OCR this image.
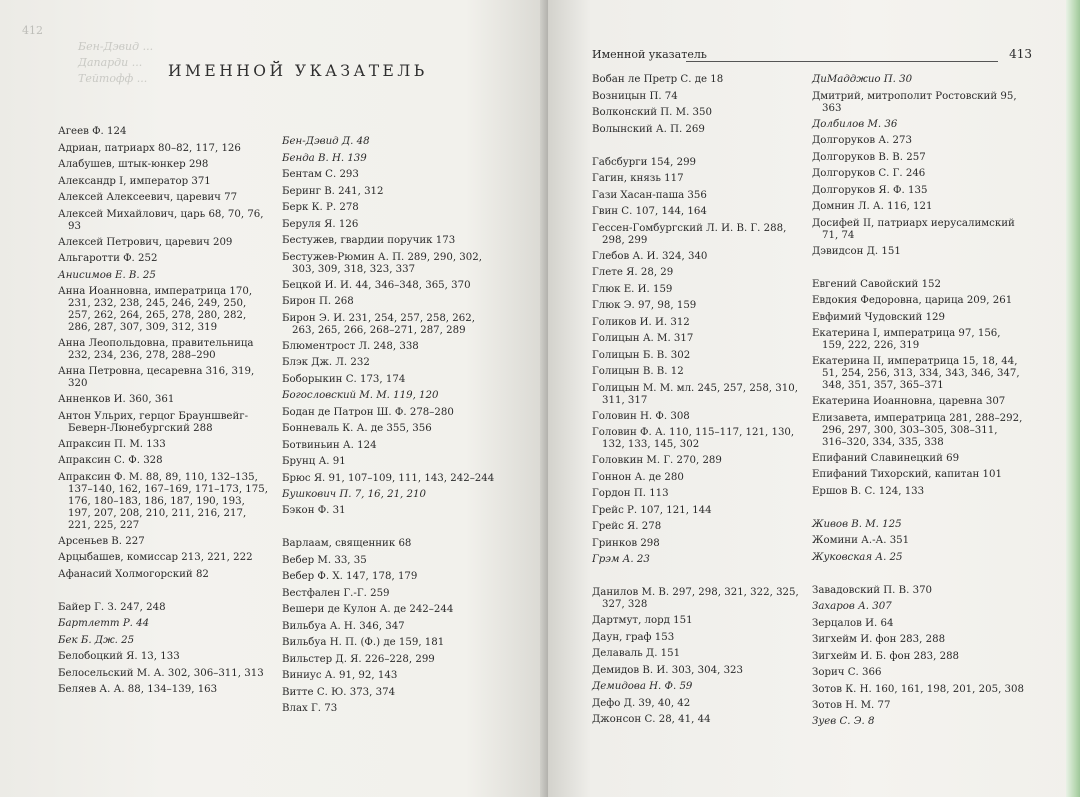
412
Бен-Дэвид ...
Дапарди ...
Тейтофф ... ИМЕННОЙ УКАЗАТЕЛЬ
Агеев Ф. 124
Адриан, патриарх 80–82, 117, 126
Алабушев, штык-юнкер 298
Александр I, император 371
Алексей Алексеевич, царевич 77
Алексей Михайлович, царь 68, 70, 76, 93
Алексей Петрович, царевич 209
Альгаротти Ф. 252
Анисимов Е. В. 25
Анна Иоанновна, императрица 170, 231, 232, 238, 245, 246, 249, 250, 257, 262, 264, 265, 278, 280, 282, 286, 287, 307, 309, 312, 319
Анна Леопольдовна, правительница 232, 234, 236, 278, 288–290
Анна Петровна, цесаревна 316, 319, 320
Анненков И. 360, 361
Антон Ульрих, герцог Брауншвейг-Беверн-Люнебургский 288
Апраксин П. М. 133
Апраксин С. Ф. 328
Апраксин Ф. М. 88, 89, 110, 132–135, 137–140, 162, 167–169, 171–173, 175, 176, 180–183, 186, 187, 190, 193, 197, 207, 208, 210, 211, 216, 217, 221, 225, 227
Арсеньев В. 227
Арцыбашев, комиссар 213, 221, 222
Афанасий Холмогорский 82
Байер Г. З. 247, 248
Бартлетт Р. 44
Бек Б. Дж. 25
Белобоцкий Я. 13, 133
Белосельский М. А. 302, 306–311, 313
Беляев А. А. 88, 134–139, 163
Бен-Дэвид Д. 48
Бенда В. Н. 139
Бентам С. 293
Беринг В. 241, 312
Берк К. Р. 278
Беруля Я. 126
Бестужев, гвардии поручик 173
Бестужев-Рюмин А. П. 289, 290, 302, 303, 309, 318, 323, 337
Бецкой И. И. 44, 346–348, 365, 370
Бирон П. 268
Бирон Э. И. 231, 254, 257, 258, 262, 263, 265, 266, 268–271, 287, 289
Блюментрост Л. 248, 338
Блэк Дж. Л. 232
Боборыкин С. 173, 174
Богословский М. М. 119, 120
Бодан де Патрон Ш. Ф. 278–280
Бонневаль К. А. де 355, 356
Ботвиньин А. 124
Брунц А. 91
Брюс Я. 91, 107–109, 111, 143, 242–244
Бушкович П. 7, 16, 21, 210
Бэкон Ф. 31
Варлаам, священник 68
Вебер М. 33, 35
Вебер Ф. Х. 147, 178, 179
Вестфален Г.-Г. 259
Вешери де Кулон А. де 242–244
Вильбуа А. Н. 346, 347
Вильбуа Н. П. (Ф.) де 159, 181
Вильстер Д. Я. 226–228, 299
Виниус А. 91, 92, 143
Витте С. Ю. 373, 374
Влах Г. 73
Именной указатель	413
Вобан ле Претр С. де 18
Возницын П. 74
Волконский П. М. 350
Волынский А. П. 269
Габсбурги 154, 299
Гагин, князь 117
Гази Хасан-паша 356
Гвин С. 107, 144, 164
Гессен-Гомбургский Л. И. В. Г. 288, 298, 299
Глебов А. И. 324, 340
Глете Я. 28, 29
Глюк Е. И. 159
Глюк Э. 97, 98, 159
Голиков И. И. 312
Голицын А. М. 317
Голицын Б. В. 302
Голицын В. В. 12
Голицын М. М. мл. 245, 257, 258, 310, 311, 317
Головин Н. Ф. 308
Головин Ф. А. 110, 115–117, 121, 130, 132, 133, 145, 302
Головкин М. Г. 270, 289
Гоннон А. де 280
Гордон П. 113
Грейс Р. 107, 121, 144
Грейс Я. 278
Гринков 298
Грэм А. 23
Данилов М. В. 297, 298, 321, 322, 325, 327, 328
Дартмут, лорд 151
Даун, граф 153
Делаваль Д. 151
Демидов В. И. 303, 304, 323
Демидова Н. Ф. 59
Дефо Д. 39, 40, 42
Джонсон С. 28, 41, 44
ДиМадджио П. 30
Дмитрий, митрополит Ростовский 95, 363
Долбилов М. 36
Долгоруков А. 273
Долгоруков В. В. 257
Долгоруков С. Г. 246
Долгоруков Я. Ф. 135
Домнин Л. А. 116, 121
Досифей II, патриарх иерусалимский 71, 74
Дэвидсон Д. 151
Евгений Савойский 152
Евдокия Федоровна, царица 209, 261
Евфимий Чудовский 129
Екатерина I, императрица 97, 156, 159, 222, 226, 319
Екатерина II, императрица 15, 18, 44, 51, 254, 256, 313, 334, 343, 346, 347, 348, 351, 357, 365–371
Екатерина Иоанновна, царевна 307
Елизавета, императрица 281, 288–292, 296, 297, 300, 303–305, 308–311, 316–320, 334, 335, 338
Епифаний Славинецкий 69
Епифаний Тихорский, капитан 101
Ершов В. С. 124, 133
Живов В. М. 125
Жомини А.-А. 351
Жуковская А. 25
Завадовский П. В. 370
Захаров А. 307
Зерцалов И. 64
Зигхейм И. фон 283, 288
Зигхейм И. Б. фон 283, 288
Зорич С. 366
Зотов К. Н. 160, 161, 198, 201, 205, 308
Зотов Н. М. 77
Зуев С. Э. 8
